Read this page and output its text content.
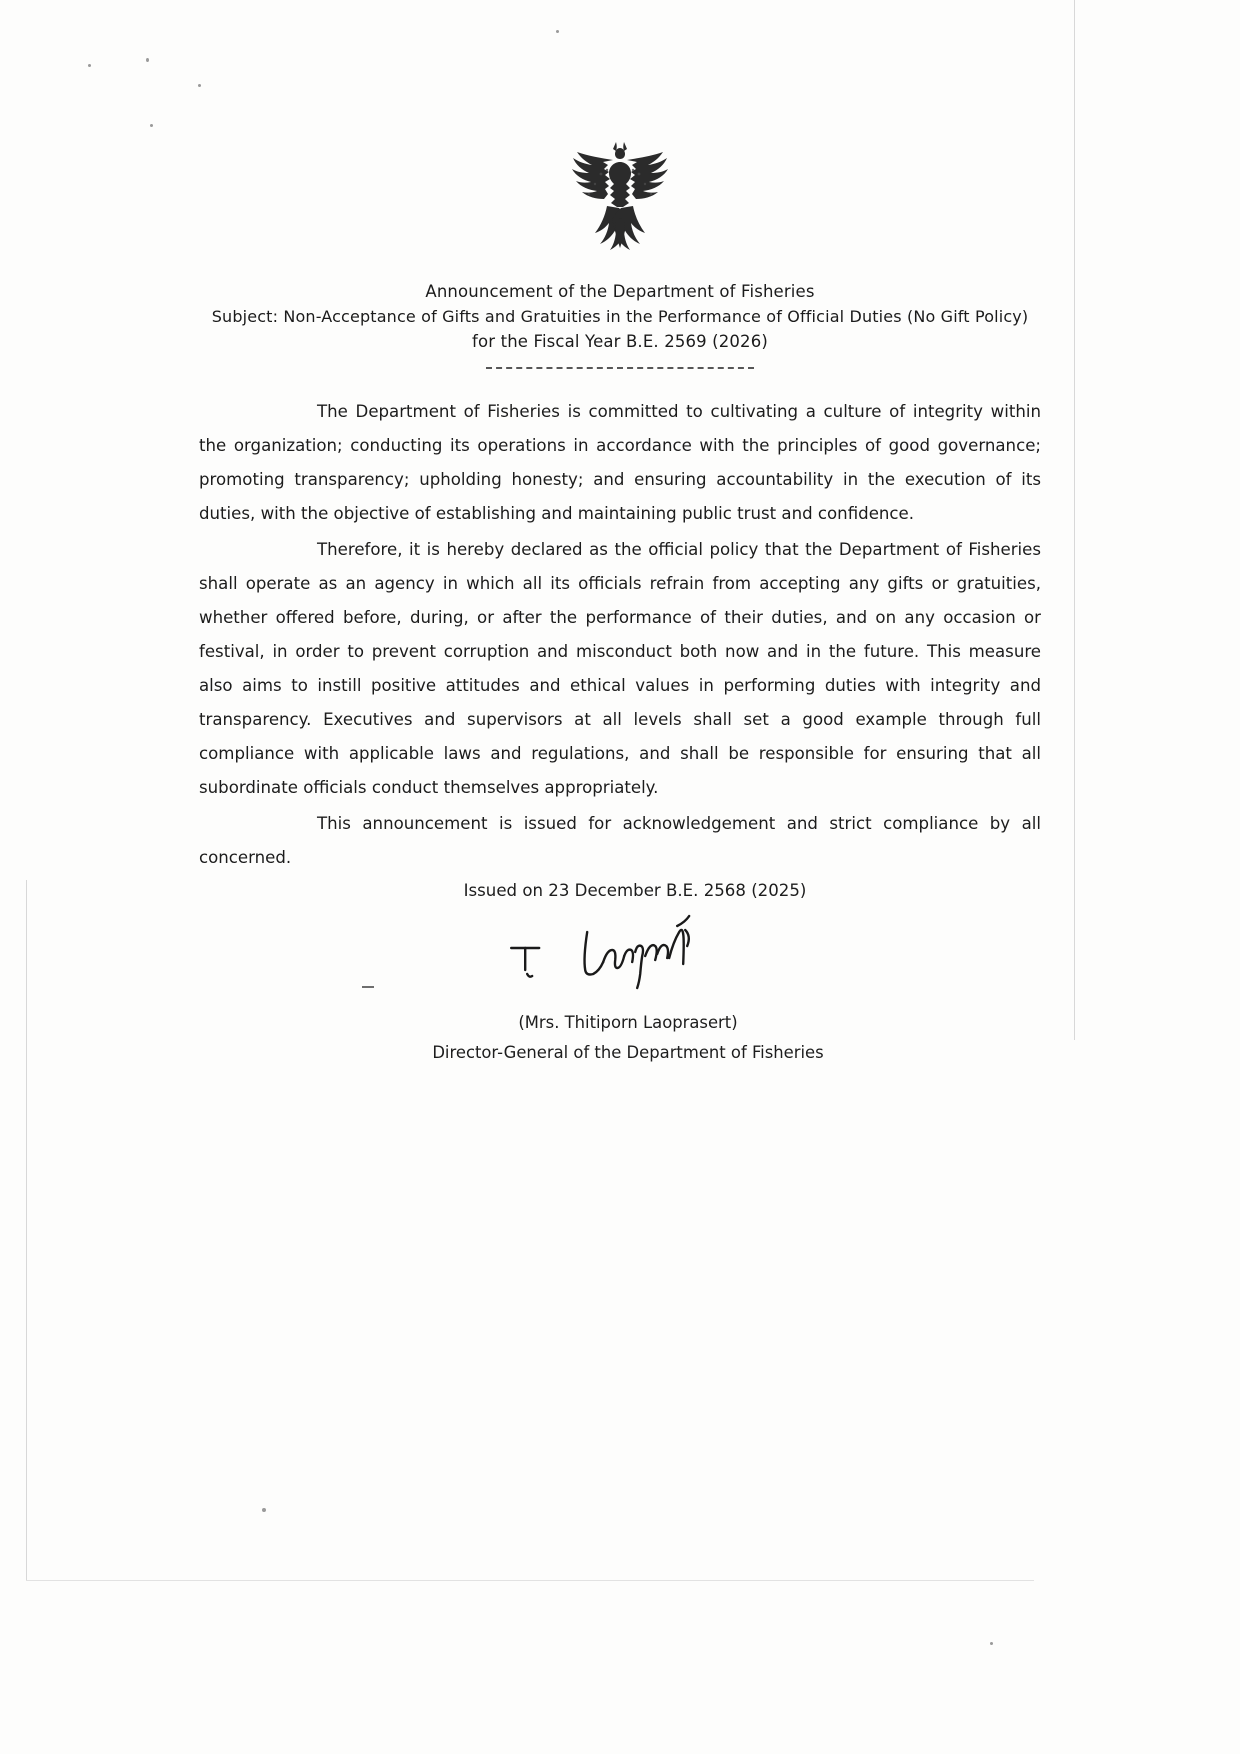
Announcement of the Department of Fisheries
Subject: Non-Acceptance of Gifts and Gratuities in the Performance of Official Duties (No Gift Policy)
for the Fiscal Year B.E. 2569 (2026)

The Department of Fisheries is committed to cultivating a culture of integrity within the organization; conducting its operations in accordance with the principles of good governance; promoting transparency; upholding honesty; and ensuring accountability in the execution of its duties, with the objective of establishing and maintaining public trust and confidence.

Therefore, it is hereby declared as the official policy that the Department of Fisheries shall operate as an agency in which all its officials refrain from accepting any gifts or gratuities, whether offered before, during, or after the performance of their duties, and on any occasion or festival, in order to prevent corruption and misconduct both now and in the future. This measure also aims to instill positive attitudes and ethical values in performing duties with integrity and transparency. Executives and supervisors at all levels shall set a good example through full compliance with applicable laws and regulations, and shall be responsible for ensuring that all subordinate officials conduct themselves appropriately.

This announcement is issued for acknowledgement and strict compliance by all concerned.

Issued on 23 December B.E. 2568 (2025)
(Mrs. Thitiporn Laoprasert)
Director-General of the Department of Fisheries
